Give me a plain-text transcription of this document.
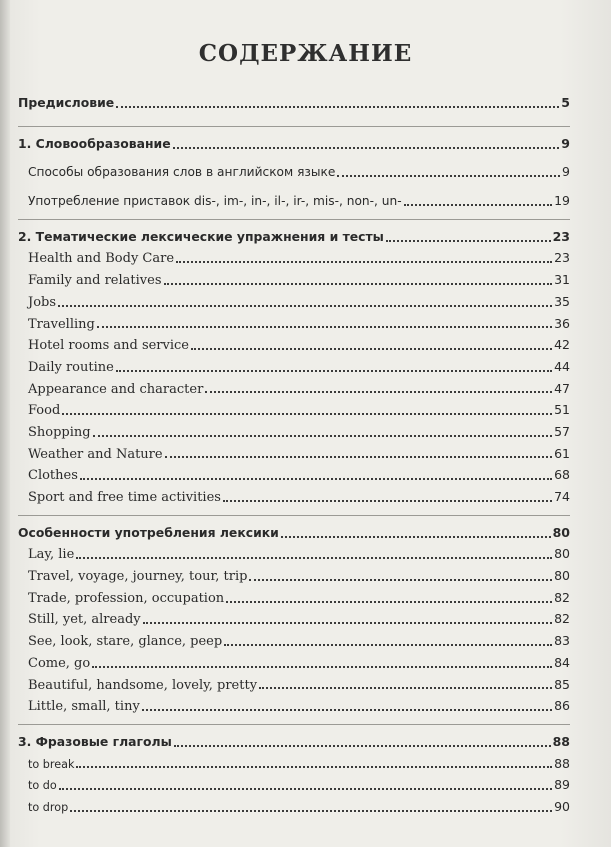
СОДЕРЖАНИЕ
Предисловие	5
1. Словообразование	9
Способы образования слов в английском языке	9
Употребление приставок dis-, im-, in-, il-, ir-, mis-, non-, un-	19
2. Тематические лексические упражнения и тесты	23
Health and Body Care	23
Family and relatives	31
Jobs	35
Travelling	36
Hotel rooms and service	42
Daily routine	44
Appearance and character	47
Food	51
Shopping	57
Weather and Nature	61
Clothes	68
Sport and free time activities	74
Особенности употребления лексики	80
Lay, lie	80
Travel, voyage, journey, tour, trip	80
Trade, profession, occupation	82
Still, yet, already	82
See, look, stare, glance, peep	83
Come, go	84
Beautiful, handsome, lovely, pretty	85
Little, small, tiny	86
3. Фразовые глаголы	88
to break	88
to do	89
to drop	90
